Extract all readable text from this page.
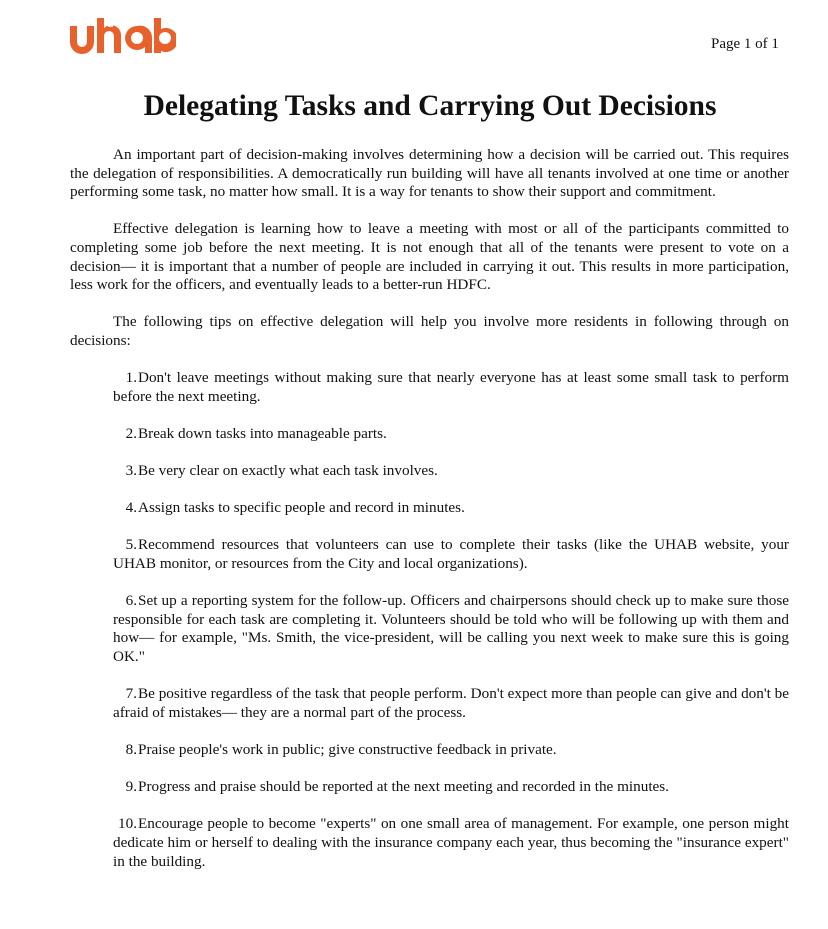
Page 1 of 1
Delegating Tasks and Carrying Out Decisions

An important part of decision-making involves determining how a decision will be carried out. This requires the delegation of responsibilities. A democratically run building will have all tenants involved at one time or another performing some task, no matter how small. It is a way for tenants to show their support and commitment.

Effective delegation is learning how to leave a meeting with most or all of the participants committed to completing some job before the next meeting. It is not enough that all of the tenants were present to vote on a decision— it is important that a number of people are included in carrying it out. This results in more participation, less work for the officers, and eventually leads to a better-run HDFC.

The following tips on effective delegation will help you involve more residents in following through on decisions:

1. Don't leave meetings without making sure that nearly everyone has at least some small task to perform before the next meeting.
2. Break down tasks into manageable parts.
3. Be very clear on exactly what each task involves.
4. Assign tasks to specific people and record in minutes.
5. Recommend resources that volunteers can use to complete their tasks (like the UHAB website, your UHAB monitor, or resources from the City and local organizations).
6. Set up a reporting system for the follow-up. Officers and chairpersons should check up to make sure those responsible for each task are completing it. Volunteers should be told who will be following up with them and how— for example, "Ms. Smith, the vice-president, will be calling you next week to make sure this is going OK."
7. Be positive regardless of the task that people perform. Don't expect more than people can give and don't be afraid of mistakes— they are a normal part of the process.
8. Praise people's work in public; give constructive feedback in private.
9. Progress and praise should be reported at the next meeting and recorded in the minutes.
10. Encourage people to become "experts" on one small area of management. For example, one person might dedicate him or herself to dealing with the insurance company each year, thus becoming the "insurance expert" in the building.
